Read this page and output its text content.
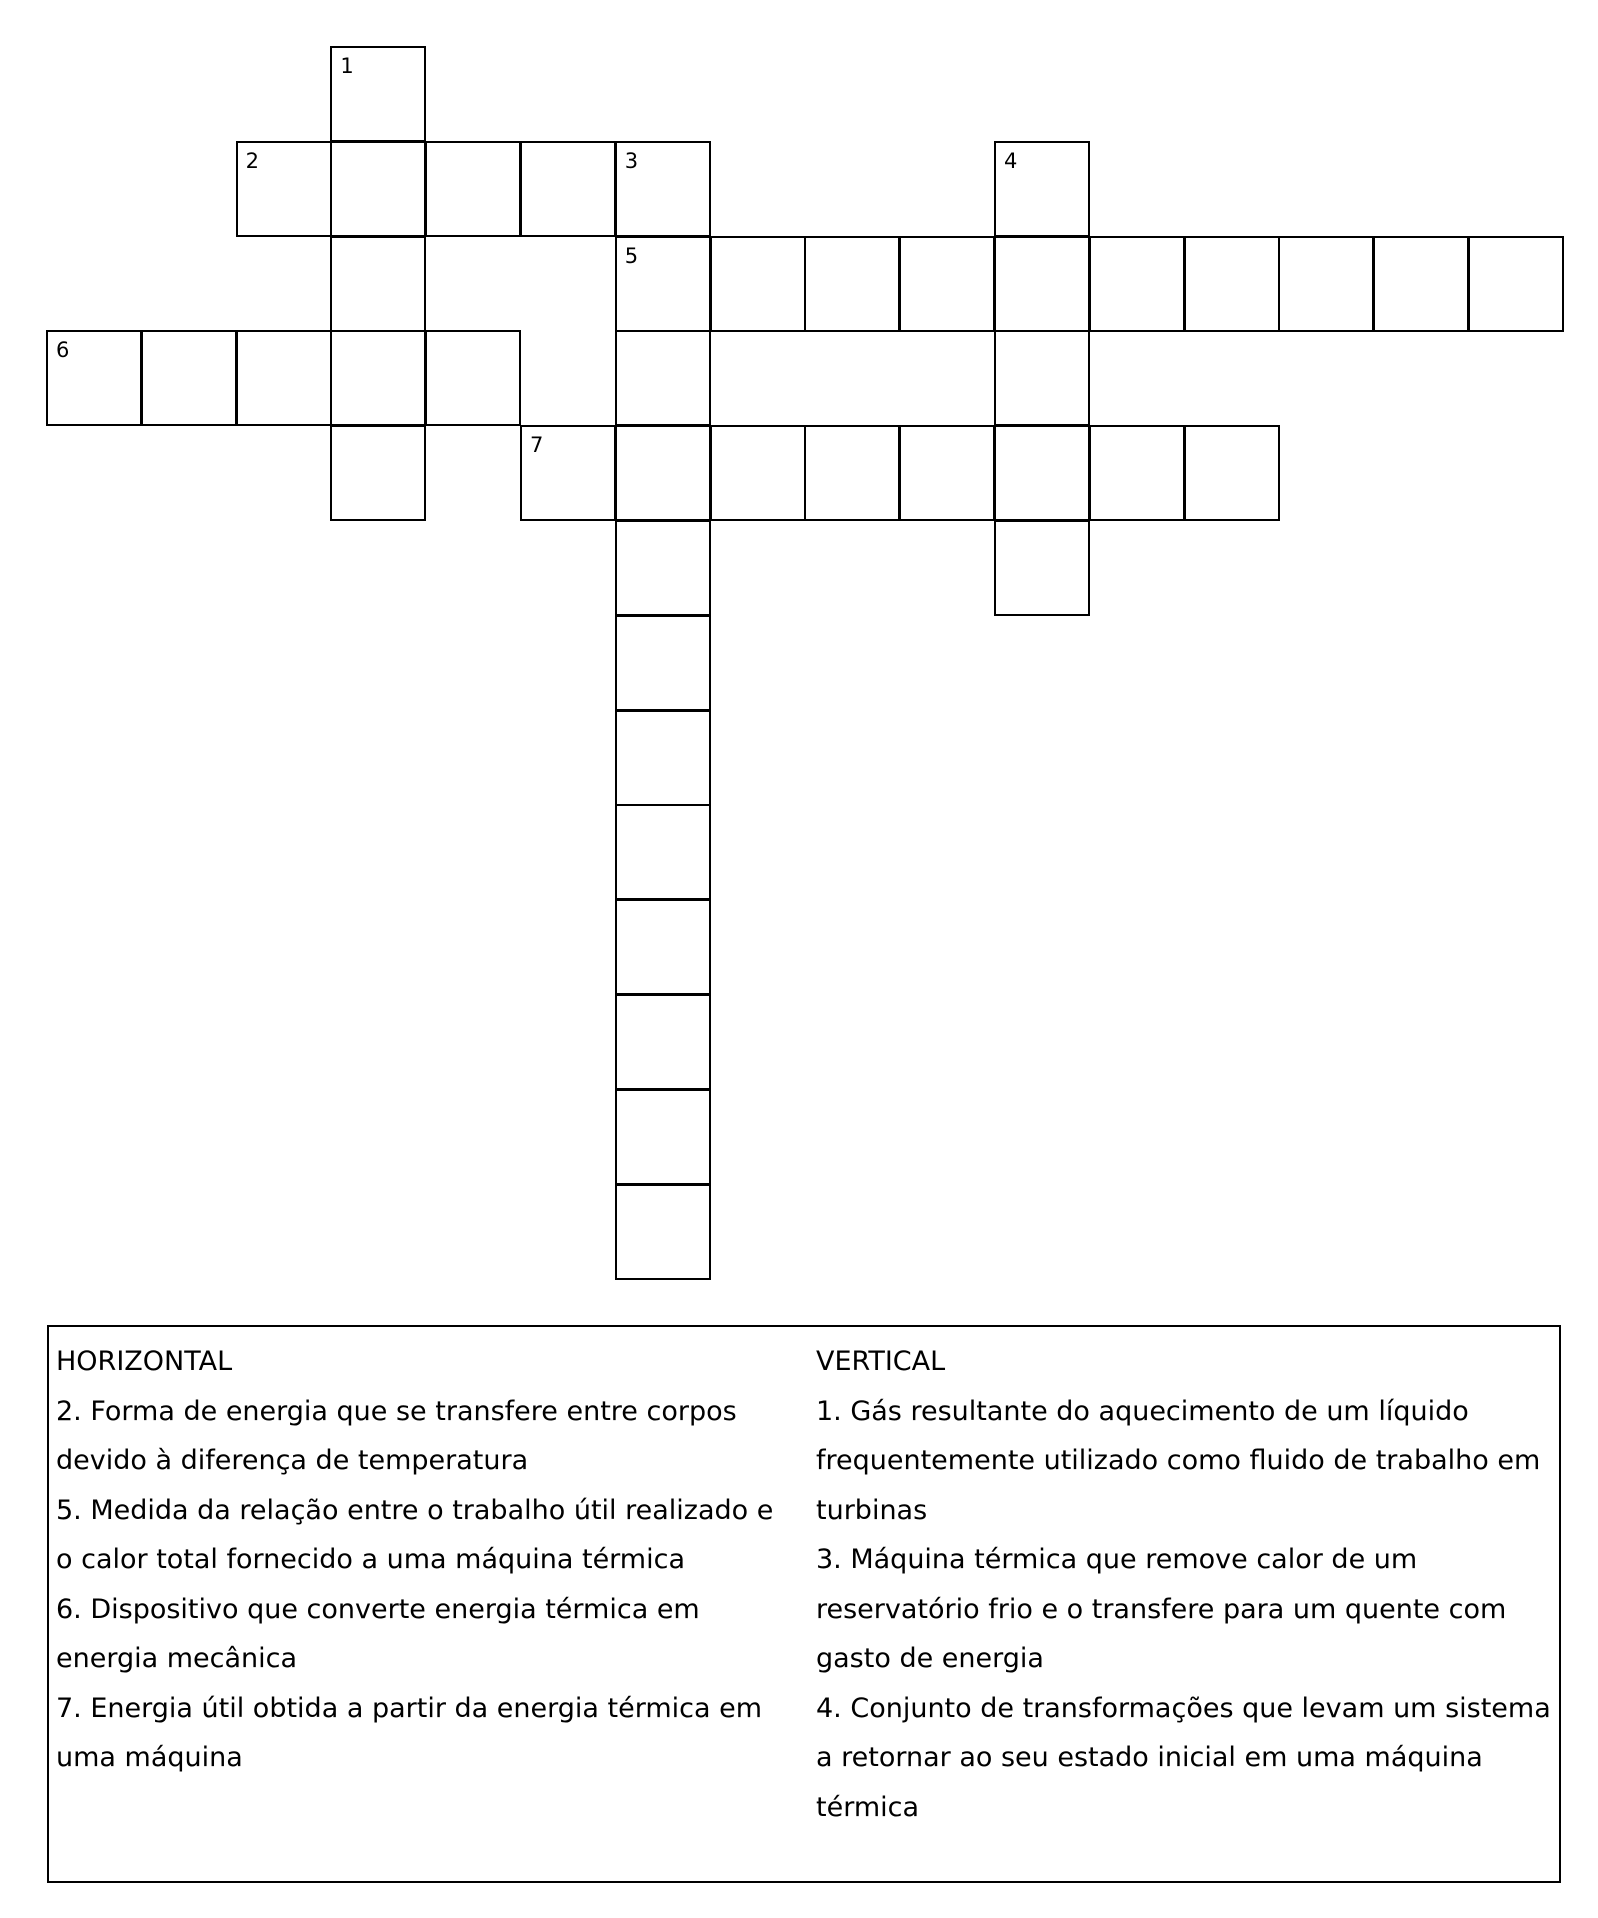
1
2	3
5
4
6
7

HORIZONTAL

2. Forma de energia que se transfere entre corpos devido à diferença de temperatura

5. Medida da relação entre o trabalho útil realizado e o calor total fornecido a uma máquina térmica

6. Dispositivo que converte energia térmica em energia mecânica

7. Energia útil obtida a partir da energia térmica em uma máquina

VERTICAL

1. Gás resultante do aquecimento de um líquido frequentemente utilizado como fluido de trabalho em turbinas

3. Máquina térmica que remove calor de um reservatório frio e o transfere para um quente com gasto de energia

4. Conjunto de transformações que levam um sistema a retornar ao seu estado inicial em uma máquina térmica
